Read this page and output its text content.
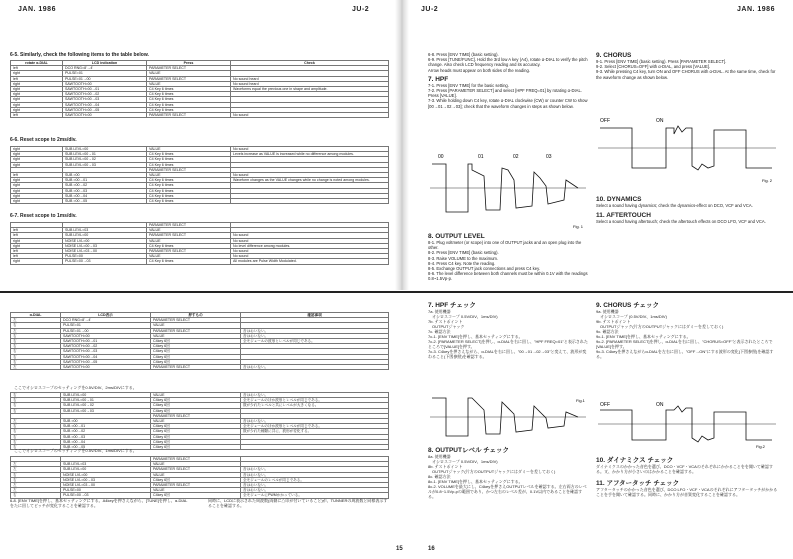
JAN. 1986	JU-2	JU-2	JAN. 1986
6-5. Similarly, check the following items to the table below.
rotate α-DIAL	LCD indication	Press	Check
left	DCO RNG=8'→4'	PARAMETER SELECT	
right	PULSE=01	VALUE	
left	PULSE=01→00	PARAMETER SELECT	No sound heard
right	SAWTOOTH=00	VALUE	No sound heard
right	SAWTOOTH=00→01	C4 Key 6 times	Waveforms equal the previous one in shape and amplitude.
right	SAWTOOTH=00→02	C4 Key 6 times	
right	SAWTOOTH=00→03	C4 Key 6 times	
right	SAWTOOTH=00→04	C4 Key 6 times	
right	SAWTOOTH=00→05	C4 Key 6 times	
left	SAWTOOTH=00	PARAMETER SELECT	No sound
6-6. Reset scope to 2ms/div.
right	SUB LEVL=00	VALUE	No sound
right	SUB LEVL=00→01	C4 Key 6 times	Levels increase as VALUE is increased while no difference among modules.
right	SUB LEVL=00→02	C4 Key 6 times	
right	SUB LEVL=00→03	C4 Key 6 times	
		PARAMETER SELECT	
left	SUB =00	VALUE	No sound
right	SUB =00→01	C4 Key 6 times	Waveform changes as the VALUE changes while no change is noted among modules.
right	SUB =00→02	C4 Key 6 times	
right	SUB =00→03	C4 Key 6 times	
right	SUB =00→04	C4 Key 6 times	
right	SUB =00→05	C4 Key 6 times	
6-7. Reset scope to 1ms/div.
		PARAMETER SELECT	
left	SUB LEVL=03	VALUE	
left	SUB LEVL=00	PARAMETER SELECT	No sound
right	NOISE LVL=00	VALUE	No sound
right	NOISE LVL=00→03	C4 Key 6 times	No level difference among modules.
left	NOISE LVL=03→00	PARAMETER SELECT	No sound
left	PULSE=00	VALUE	No sound
right	PULSE=00→03	C4 Key 6 times	All modules are Pulse Width Modulated.
6-8. Press [ENV TIME] (basic setting).
6-9. Press [TUNE/FUNC]. Hold the 3rd low A key (A4), rotate α-DIAL to verify the pitch change. Also check LCD frequency reading and its accuracy.
Arrow heads must appear on both sides of the reading.
7. HPF
7-1. Press [ENV TIME] for the basic setting.
7-2. Press [PARAMETER SELECT] and select [HPF FREQ=01] by rotating α-DIAL. Press [VALUE].
7-3. While holding down C4 key, rotate α-DIAL clockwise (CW) or counter CW to show [00→01→02→03]; check that the waveform changes in steps as shown below.
00	01	02	03
Fig. 1
8. OUTPUT LEVEL
8-1. Plug voltmeter (or scope) into one of OUTPUT jacks and an open plug into the other.
8-2. Press [ENV TIME] (basic setting).
8-3. Raise VOLUME to the maximum.
8-4. Press C4 key. Note the reading.
8-5. Exchange OUTPUT jack connections and press C4 key.
8-6. The level difference between both channels must be within 0.1V with the readings 0.8~1.5Vp-p.
9. CHORUS
9-1. Press [ENV TIME] (basic setting). Press [PARAMETER SELECT].
9-2. Select [CHORUS=OFF] with α-DIAL, and press [VALUE].
9-3. While pressing C4 key, turn ON and OFF CHORUS with α-DIAL. At the same time, check for the waveform change as shown below.
OFF	ON
Fig. 2
10. DYNAMICS
Select a sound having dynamics; check the dynamics-effect on DCO, VCF and VCA.
11. AFTERTOUCH
Select a sound having aftertouch; check the aftertouch effects on DCO LFO, VCF and VCA.
α-DIAL	LCD表示	押すもの	確認事項
左	DCO RNG=8'→4'	PARAMETER SELECT	
右	PULSE=01	VALUE	
左	PULSE=01→00	PARAMETER SELECT	音はおいない。
右	SAWTOOTH=00	VALUE	音はおいない。
右	SAWTOOTH=00→01	C4key 6回	全モジュールの波形とレベルが同じである。
右	SAWTOOTH=00→02	C4key 6回	
右	SAWTOOTH=00→03	C4key 6回	
右	SAWTOOTH=00→04	C4key 6回	
右	SAWTOOTH=00→05	C4key 6回	
左	SAWTOOTH=00	PARAMETER SELECT	音はおいない。
ここでオシロスコープのセッティングを0.5V/DIV、2ms/DIVにする。
右	SUB LEVL=00	VALUE	音はおいない。
右	SUB LEVL=00→01	C4key 6回	全モジュールのほか波形とレベルが同じである。
右	SUB LEVL=00→02	C4key 6回	数が少れたレベルと共にレベルが大きくなる。
右	SUB LEVL=00→03	C4key 6回	
		PARAMETER SELECT	
左	SUB =00	VALUE	音はおいない。
右	SUB =00→01	C4key 6回	全モジュールのほか波形とレベルが同じである。
右	SUB =00→02	C4key 6回	数が少れた種類に共に、波形が変化する。
右	SUB =00→03	C4key 6回	
右	SUB =00→04	C4key 6回	
右	SUB =00→05	C4key 6回	
ここでオシロスコープのセッティングを0.5V/DIV、1ms/DIVにする。
		PARAMETER SELECT	
左	SUB LEVL=03	VALUE	
左	SUB LEVL=00	PARAMETER SELECT	音はおいない。
右	NOISE LVL=00	VALUE	音はおいない。
右	NOISE LVL=00→03	C4key 6回	全モジュールのレベルが同じである。
左	NOISE LVL=03→00	PARAMETER SELECT	音はおいない。
左	PULSE=00	VALUE	音はおいない。
右	PULSE=00→03	C4key 6回	全モジュールにPWMかかっている。
6-8. [ENV TIME]を押し、基本セッティングにする。A4keyを押さえながら、[TUNE]を押し、α-DIALをたに回してピッチが変化することを確認する。
同時に、LCDに表示された周波数(両側に△印が付いていること)が、TUNNERの周波数と同様表示することを確認する。
15
7. HPF チェック
7a. 使用機器
　オシロスコープ 0.5V/DIV、1ms/DIV)
7b. テストポイント
　OUTPUTジャック
7c. 確認方法
7c-1. [ENV TIME]を押し、基本セッティングにする。
7c-2. [PARAMETER SELECT]を押し、α-DIALを右に回し、"HPF FREQ=01"と表示されたところで[VALUE]を押す。
7c-3. C4keyを押さえながら、α-DIALを右に回し、"00→01→02→03"と変えて、波形が変わること(下図参照)を確認する。
Fig.1
8. OUTPUTレベル チェック
8a. 使用機器
　オシロスコープ 0.5V/DIV、1ms/DIV)
8b. テストポイント
　OUTPUTジャック(片方のOUTPUTジャックにはダミーを差しておく)
8c. 確認方法
8c-1. [ENV TIME]を押し、基本セッティングにする。
8c-2. VOLUMEを最大にし、C4keyを押さえOUTPUTレベルを確認する。左右両方のレベルが0.8~1.5Vp-pの範囲であり、かつ左右のレベル差が、0.1V以内であることを確認する。
16
9. CHORUS チェック
9a. 使用機器
　オシロスコープ (0.5V/DIV、1ms/DIV)
9b. テストポイント
　OUTPUTジャック(片方のOUTPUTジャックにはダミーを差しておく)
9c. 確認方法
9c-1. [ENV TIME]を押し、基本セッティングにする。
9c-2. [PARAMETER SELECT]を押し、α-DIALを右に回し、"CHORUS=OFF"と表示されたところで[VALUE]を押す。
9c-3. C4keyを押さえながらα-DIALを左右に回し、"OFF→ON"にする波形の変化(下図参照)を確認する。
OFF	ON
Fig.2
10. ダイナミクス チェック
ダイナミクスのかかった音色を選び、DCO・VCF・VCAのそれぞれにかかることをを聞いて確認する。又、かかり方が小さいのはかかることを確認する。
11. アフタータッチ チェック
アフタータッチのかかった音色を選び、DCO LFO・VCF・VCAのそれぞれにアフタータッチがかかることを手を聞いて確認する。同時に、かかり方が音質変化することを確認する。
